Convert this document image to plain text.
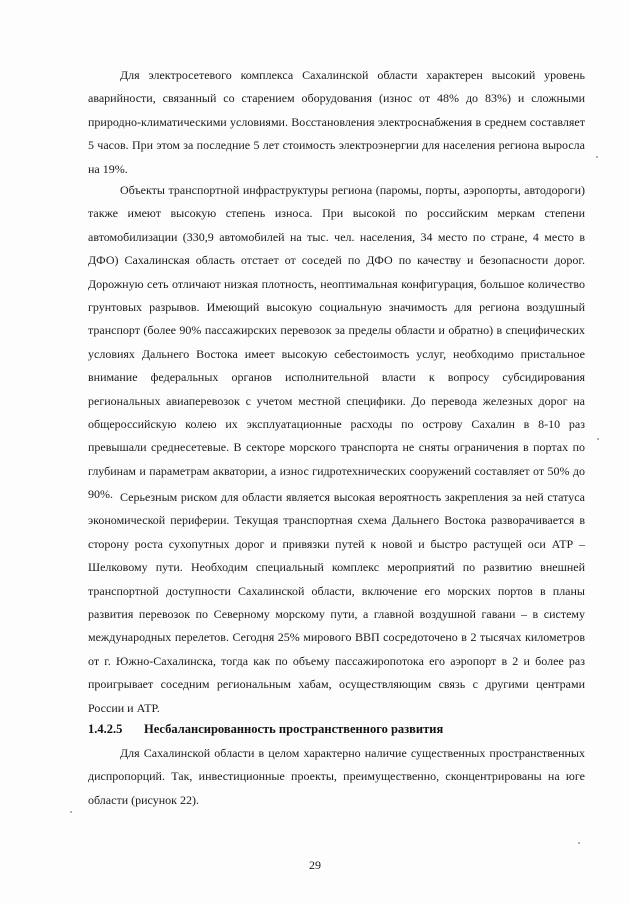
Для электросетевого комплекса Сахалинской области характерен высокий уровень аварийности, связанный со старением оборудования (износ от 48% до 83%) и сложными природно-климатическими условиями. Восстановления электроснабжения в среднем составляет 5 часов. При этом за последние 5 лет стоимость электроэнергии для населения региона выросла на 19%.

Объекты транспортной инфраструктуры региона (паромы, порты, аэропорты, автодороги) также имеют высокую степень износа. При высокой по российским меркам степени автомобилизации (330,9 автомобилей на тыс. чел. населения, 34 место по стране, 4 место в ДФО) Сахалинская область отстает от соседей по ДФО по качеству и безопасности дорог. Дорожную сеть отличают низкая плотность, неоптимальная конфигурация, большое количество грунтовых разрывов. Имеющий высокую социальную значимость для региона воздушный транспорт (более 90% пассажирских перевозок за пределы области и обратно) в специфических условиях Дальнего Востока имеет высокую себестоимость услуг, необходимо пристальное внимание федеральных органов исполнительной власти к вопросу субсидирования региональных авиаперевозок с учетом местной специфики. До перевода железных дорог на общероссийскую колею их эксплуатационные расходы по острову Сахалин в 8-10 раз превышали среднесетевые. В секторе морского транспорта не сняты ограничения в портах по глубинам и параметрам акватории, а износ гидротехнических сооружений составляет от 50% до 90%. Серьезным риском для области является высокая вероятность закрепления за ней статуса экономической периферии. Текущая транспортная схема Дальнего Востока разворачивается в сторону роста сухопутных дорог и привязки путей к новой и быстро растущей оси АТР – Шелковому пути. Необходим специальный комплекс мероприятий по развитию внешней транспортной доступности Сахалинской области, включение его морских портов в планы развития перевозок по Северному морскому пути, а главной воздушной гавани – в систему международных перелетов. Сегодня 25% мирового ВВП сосредоточено в 2 тысячах километров от г. Южно-Сахалинска, тогда как по объему пассажиропотока его аэропорт в 2 и более раз проигрывает соседним региональным хабам, осуществляющим связь с другими центрами России и АТР.

1.4.2.5 Несбалансированность пространственного развития

Для Сахалинской области в целом характерно наличие существенных пространственных диспропорций. Так, инвестиционные проекты, преимущественно, сконцентрированы на юге области (рисунок 22).

29
